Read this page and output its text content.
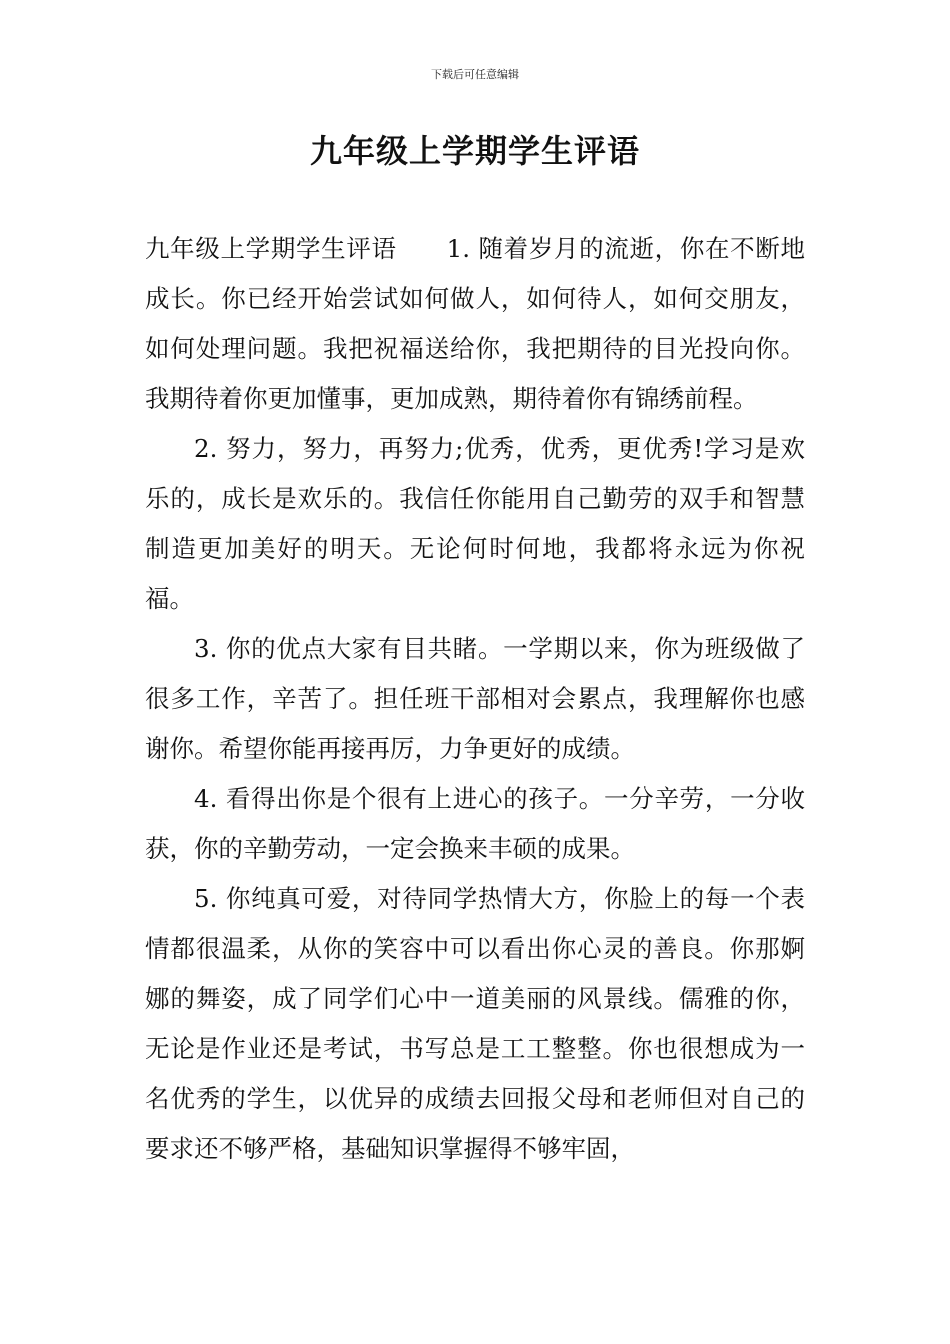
下载后可任意编辑
九年级上学期学生评语

九年级上学期学生评语 1. 随着岁月的流逝，你在不断地成长。你已经开始尝试如何做人，如何待人，如何交朋友，如何处理问题。我把祝福送给你，我把期待的目光投向你。我期待着你更加懂事，更加成熟，期待着你有锦绣前程。

2. 努力，努力，再努力;优秀，优秀，更优秀!学习是欢乐的，成长是欢乐的。我信任你能用自己勤劳的双手和智慧制造更加美好的明天。无论何时何地，我都将永远为你祝福。

3. 你的优点大家有目共睹。一学期以来，你为班级做了很多工作，辛苦了。担任班干部相对会累点，我理解你也感谢你。希望你能再接再厉，力争更好的成绩。

4. 看得出你是个很有上进心的孩子。一分辛劳，一分收获，你的辛勤劳动，一定会换来丰硕的成果。

5. 你纯真可爱，对待同学热情大方，你脸上的每一个表情都很温柔，从你的笑容中可以看出你心灵的善良。你那婀娜的舞姿，成了同学们心中一道美丽的风景线。儒雅的你，无论是作业还是考试，书写总是工工整整。你也很想成为一名优秀的学生，以优异的成绩去回报父母和老师但对自己的要求还不够严格，基础知识掌握得不够牢固，
